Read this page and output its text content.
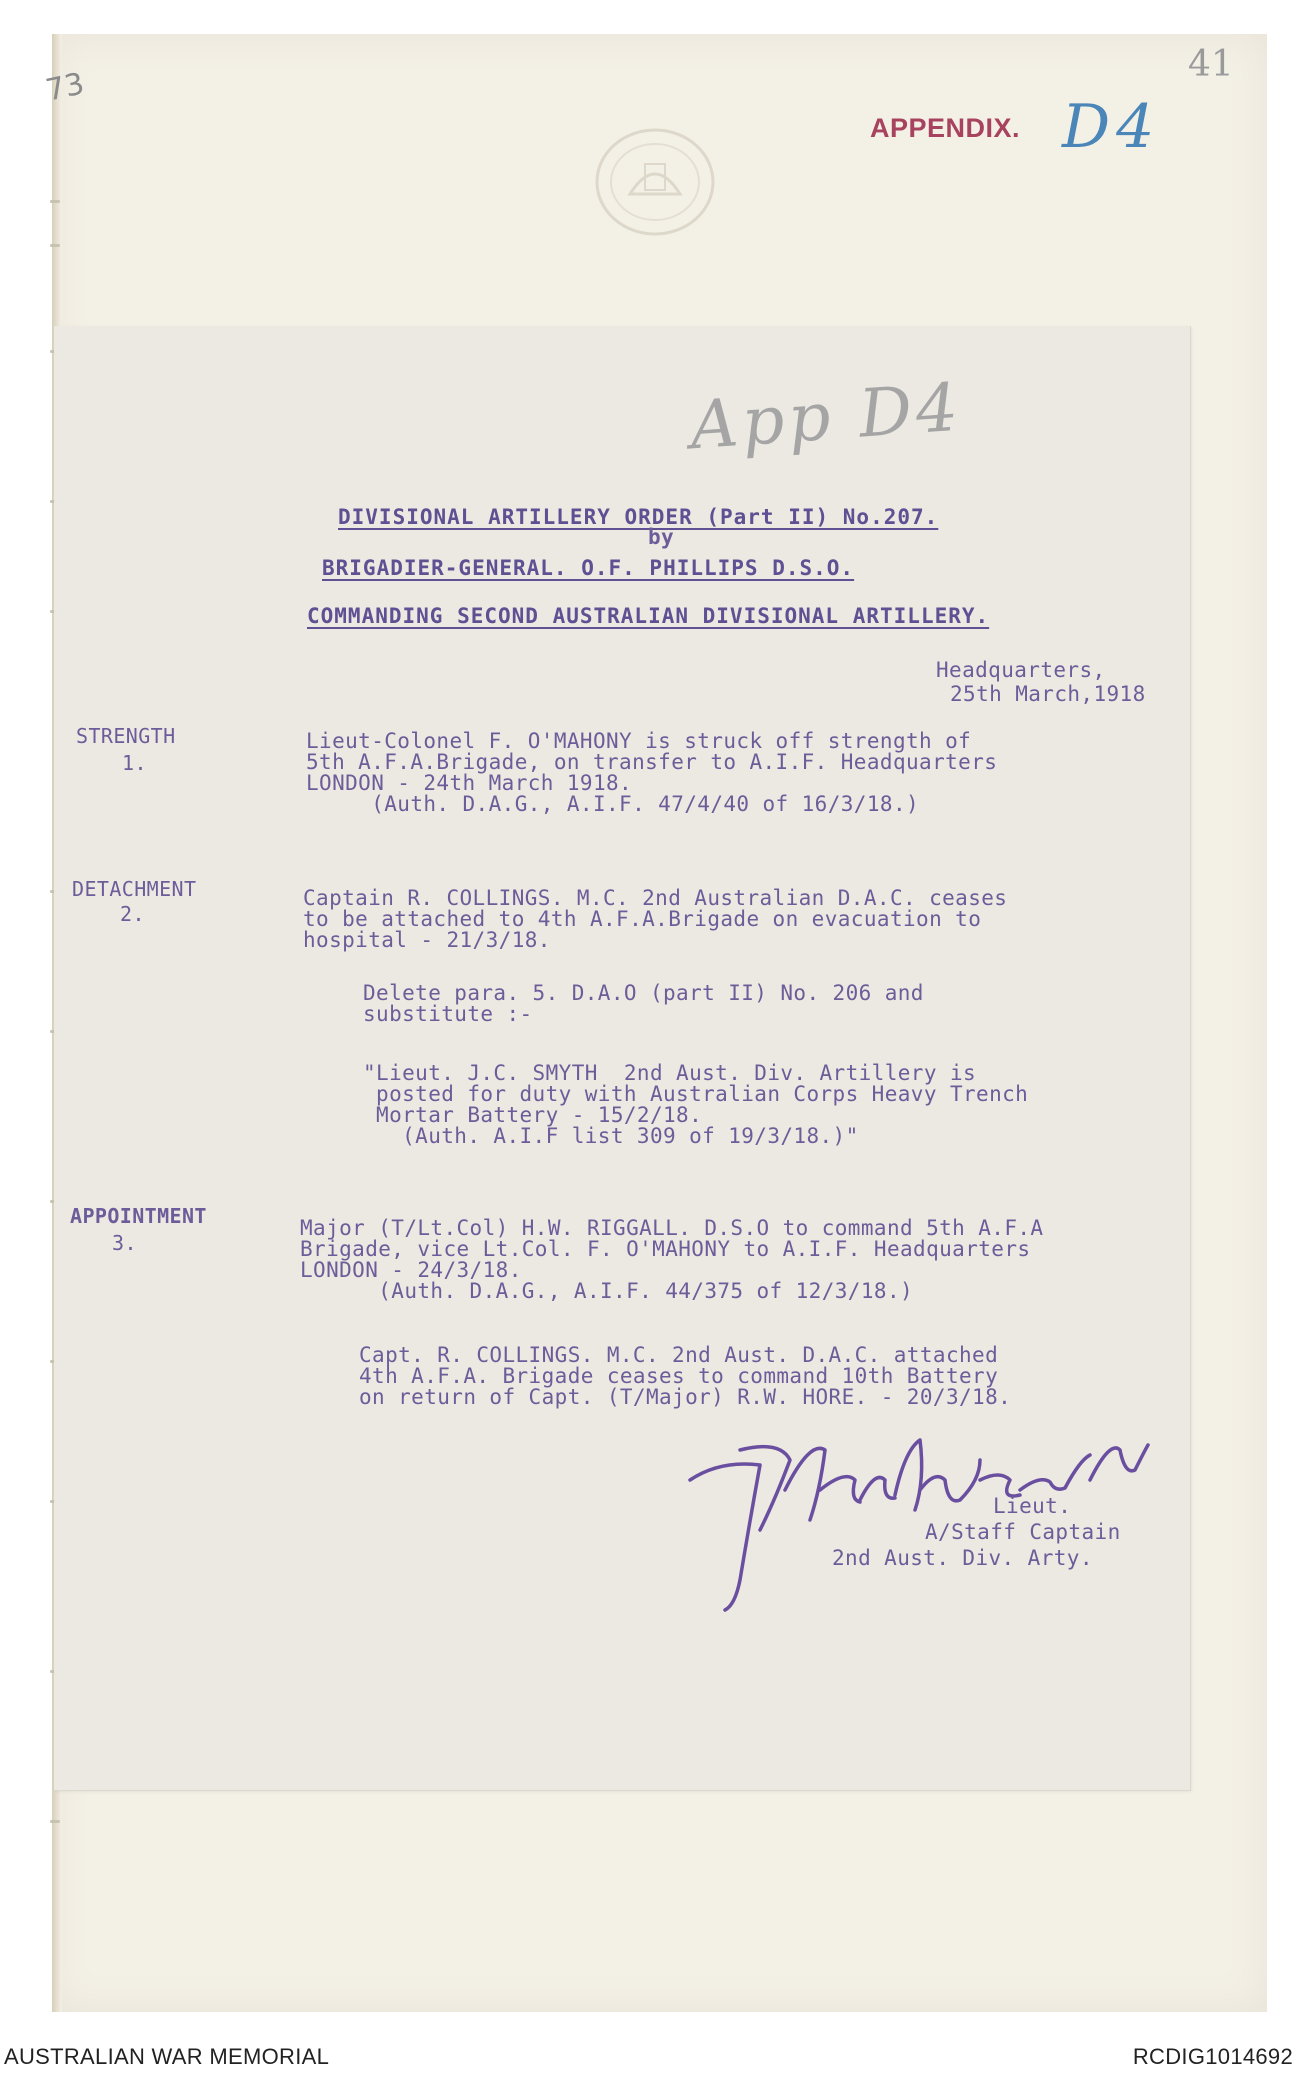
73
41
APPENDIX. D4
App D4
DIVISIONAL ARTILLERY ORDER (Part II) No.207.
by
BRIGADIER-GENERAL. O.F. PHILLIPS D.S.O.
COMMANDING SECOND AUSTRALIAN DIVISIONAL ARTILLERY.
Headquarters,
25th March,1918
STRENGTH
1.
Lieut-Colonel F. O'MAHONY is struck off strength of
5th A.F.A.Brigade, on transfer to A.I.F. Headquarters
LONDON - 24th March 1918.
(Auth. D.A.G., A.I.F. 47/4/40 of 16/3/18.)
DETACHMENT
2.
Captain R. COLLINGS. M.C. 2nd Australian D.A.C. ceases
to be attached to 4th A.F.A.Brigade on evacuation to
hospital - 21/3/18.
Delete para. 5. D.A.O (part II) No. 206 and
substitute :-
"Lieut. J.C. SMYTH  2nd Aust. Div. Artillery is
posted for duty with Australian Corps Heavy Trench
Mortar Battery - 15/2/18.
(Auth. A.I.F list 309 of 19/3/18.)"
APPOINTMENT
3.
Major (T/Lt.Col) H.W. RIGGALL. D.S.O to command 5th A.F.A
Brigade, vice Lt.Col. F. O'MAHONY to A.I.F. Headquarters
LONDON - 24/3/18.
(Auth. D.A.G., A.I.F. 44/375 of 12/3/18.)
Capt. R. COLLINGS. M.C. 2nd Aust. D.A.C. attached
4th A.F.A. Brigade ceases to command 10th Battery
on return of Capt. (T/Major) R.W. HORE. - 20/3/18.
Lieut.
A/Staff Captain
2nd Aust. Div. Arty.
AUSTRALIAN WAR MEMORIAL	RCDIG1014692
